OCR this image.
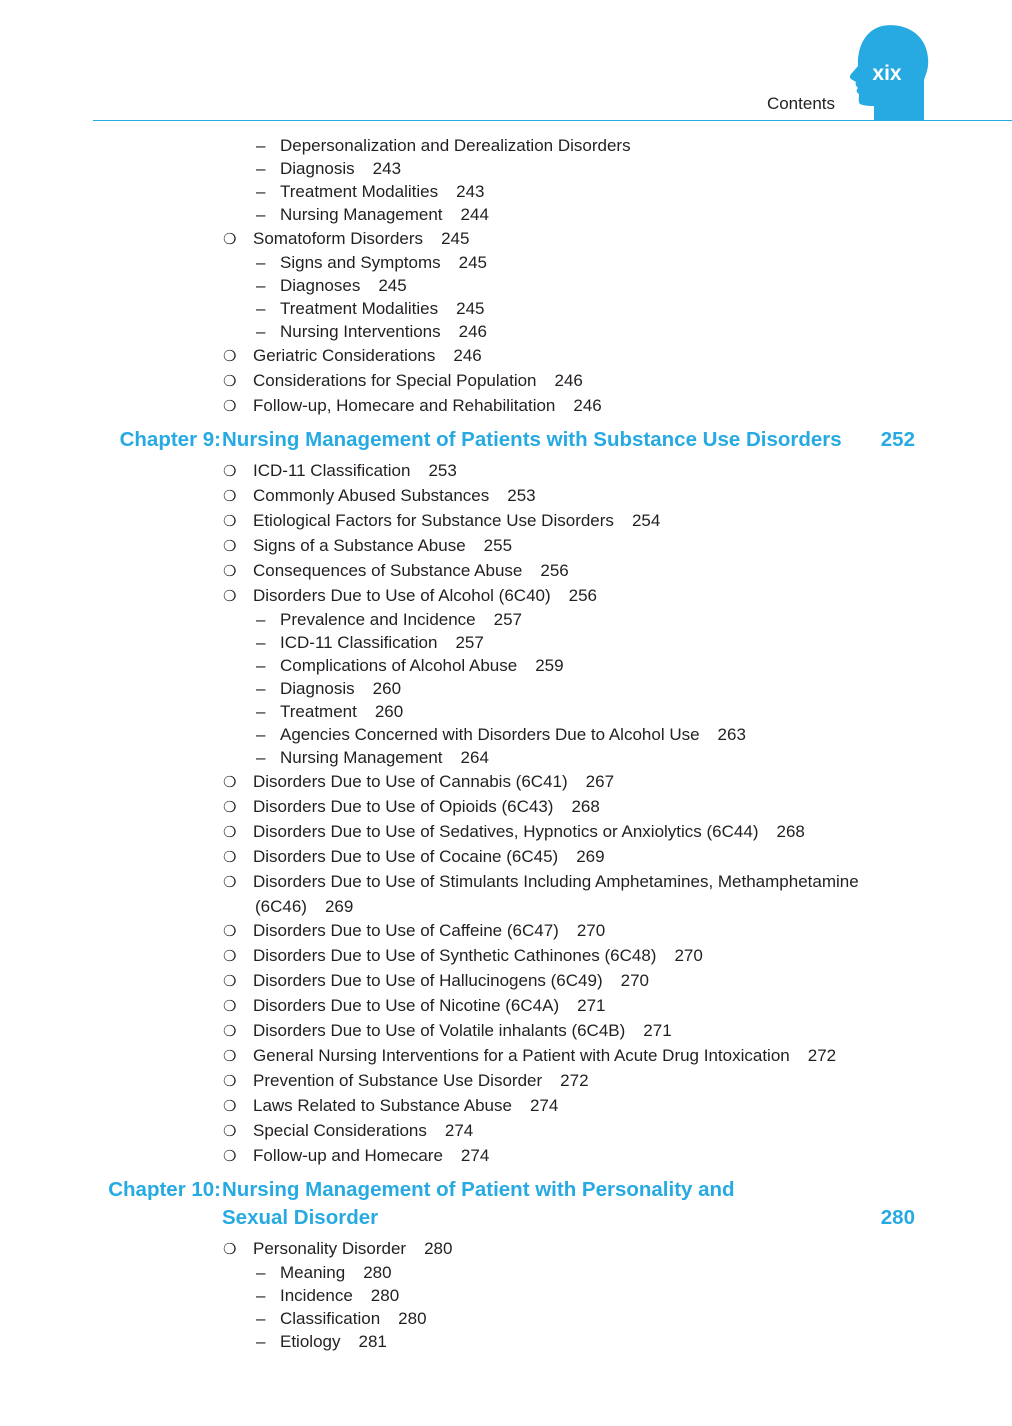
xix
Contents
– Depersonalization and Derealization Disorders
– Diagnosis 243
– Treatment Modalities 243
– Nursing Management 244
❍ Somatoform Disorders 245
– Signs and Symptoms 245
– Diagnoses 245
– Treatment Modalities 245
– Nursing Interventions 246
❍ Geriatric Considerations 246
❍ Considerations for Special Population 246
❍ Follow-up, Homecare and Rehabilitation 246
Chapter 9: Nursing Management of Patients with Substance Use Disorders 252
❍ ICD-11 Classification 253
❍ Commonly Abused Substances 253
❍ Etiological Factors for Substance Use Disorders 254
❍ Signs of a Substance Abuse 255
❍ Consequences of Substance Abuse 256
❍ Disorders Due to Use of Alcohol (6C40) 256
– Prevalence and Incidence 257
– ICD-11 Classification 257
– Complications of Alcohol Abuse 259
– Diagnosis 260
– Treatment 260
– Agencies Concerned with Disorders Due to Alcohol Use 263
– Nursing Management 264
❍ Disorders Due to Use of Cannabis (6C41) 267
❍ Disorders Due to Use of Opioids (6C43) 268
❍ Disorders Due to Use of Sedatives, Hypnotics or Anxiolytics (6C44) 268
❍ Disorders Due to Use of Cocaine (6C45) 269
❍ Disorders Due to Use of Stimulants Including Amphetamines, Methamphetamine
(6C46) 269
❍ Disorders Due to Use of Caffeine (6C47) 270
❍ Disorders Due to Use of Synthetic Cathinones (6C48) 270
❍ Disorders Due to Use of Hallucinogens (6C49) 270
❍ Disorders Due to Use of Nicotine (6C4A) 271
❍ Disorders Due to Use of Volatile inhalants (6C4B) 271
❍ General Nursing Interventions for a Patient with Acute Drug Intoxication 272
❍ Prevention of Substance Use Disorder 272
❍ Laws Related to Substance Abuse 274
❍ Special Considerations 274
❍ Follow-up and Homecare 274
Chapter 10: Nursing Management of Patient with Personality and Sexual Disorder	280
❍ Personality Disorder 280
– Meaning 280
– Incidence 280
– Classification 280
– Etiology 281
